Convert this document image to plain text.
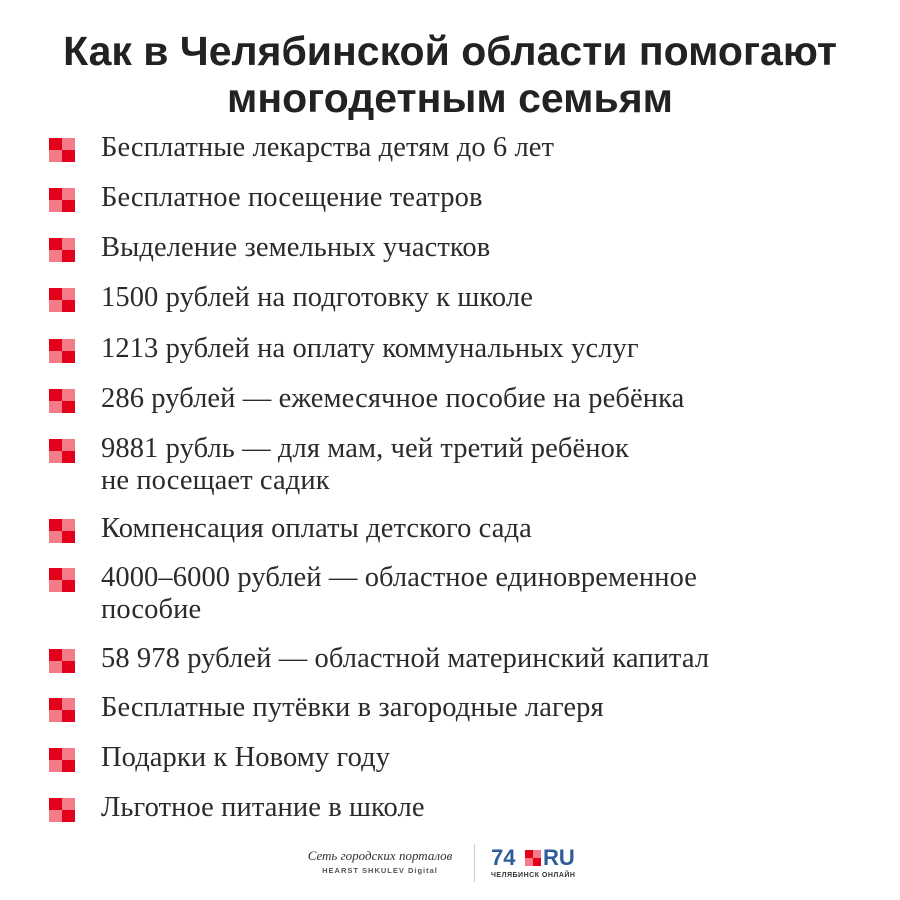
Как в Челябинской области помогают
многодетным семьям
Бесплатные лекарства детям до 6 лет
Бесплатное посещение театров
Выделение земельных участков
1500 рублей на подготовку к школе
1213 рублей на оплату коммунальных услуг
286 рублей — ежемесячное пособие на ребёнка
9881 рубль — для мам, чей третий ребёнок
не посещает садик
Компенсация оплаты детского сада
4000–6000 рублей — областное единовременное
пособие
58 978 рублей — областной материнский капитал
Бесплатные путёвки в загородные лагеря
Подарки к Новому году
Льготное питание в школе
Сеть городских порталов
HEARST SHKULEV Digital
74 RU
ЧЕЛЯБИНСК ОНЛАЙН
